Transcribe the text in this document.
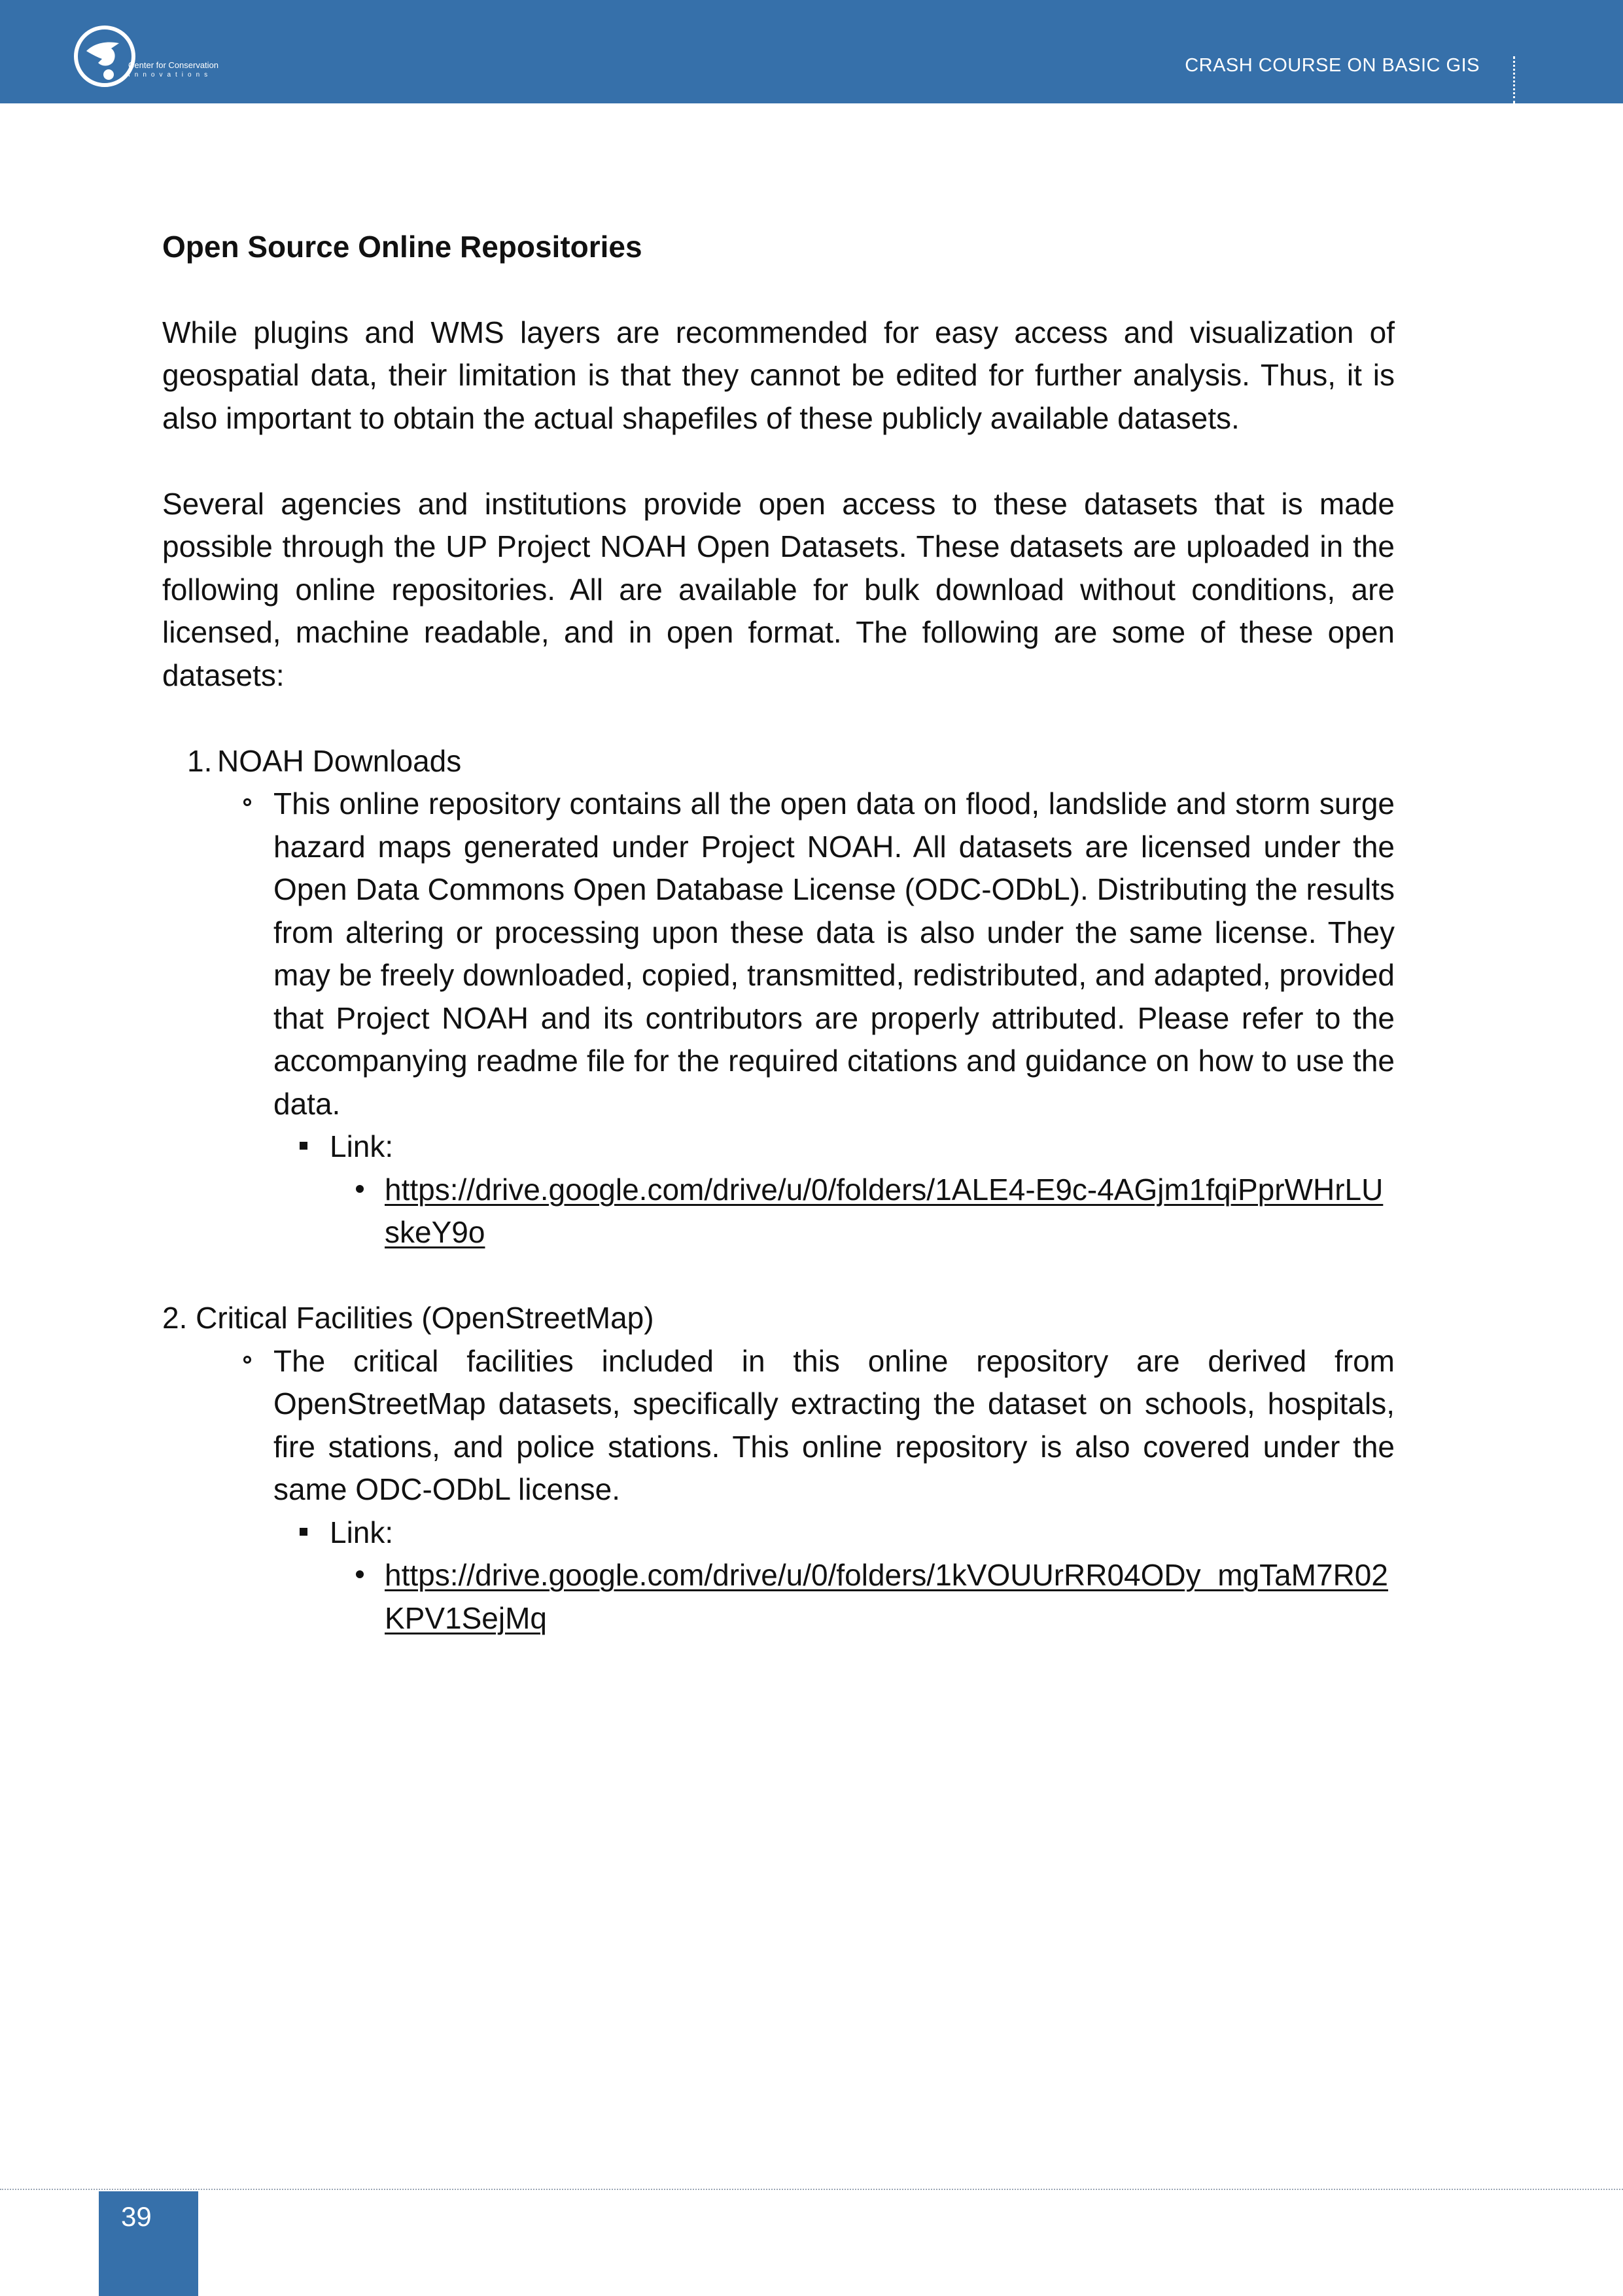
Center for Conservation
Innovations	CRASH COURSE ON BASIC GIS
Open Source Online Repositories

While plugins and WMS layers are recommended for easy access and visualization of geospatial data, their limitation is that they cannot be edited for further analysis. Thus, it is also important to obtain the actual shapefiles of these publicly available datasets.

Several agencies and institutions provide open access to these datasets that is made possible through the UP Project NOAH Open Datasets. These datasets are uploaded in the following online repositories. All are available for bulk download without conditions, are licensed, machine readable, and in open format. The following are some of these open datasets:

1. NOAH Downloads
This online repository contains all the open data on flood, landslide and storm surge hazard maps generated under Project NOAH. All datasets are licensed under the Open Data Commons Open Database License (ODC-ODbL). Distributing the results from altering or processing upon these data is also under the same license. They may be freely downloaded, copied, transmitted, redistributed, and adapted, provided that Project NOAH and its contributors are properly attributed. Please refer to the accompanying readme file for the required citations and guidance on how to use the data.
Link:
https://drive.google.com/drive/u/0/folders/1ALE4-E9c-4AGjm1fqiPprWHrLUskeY9o
2. Critical Facilities (OpenStreetMap)
The critical facilities included in this online repository are derived from OpenStreetMap datasets, specifically extracting the dataset on schools, hospitals, fire stations, and police stations. This online repository is also covered under the same ODC-ODbL license.
Link:
https://drive.google.com/drive/u/0/folders/1kVOUUrRR04ODy_mgTaM7R02KPV1SejMq
39
